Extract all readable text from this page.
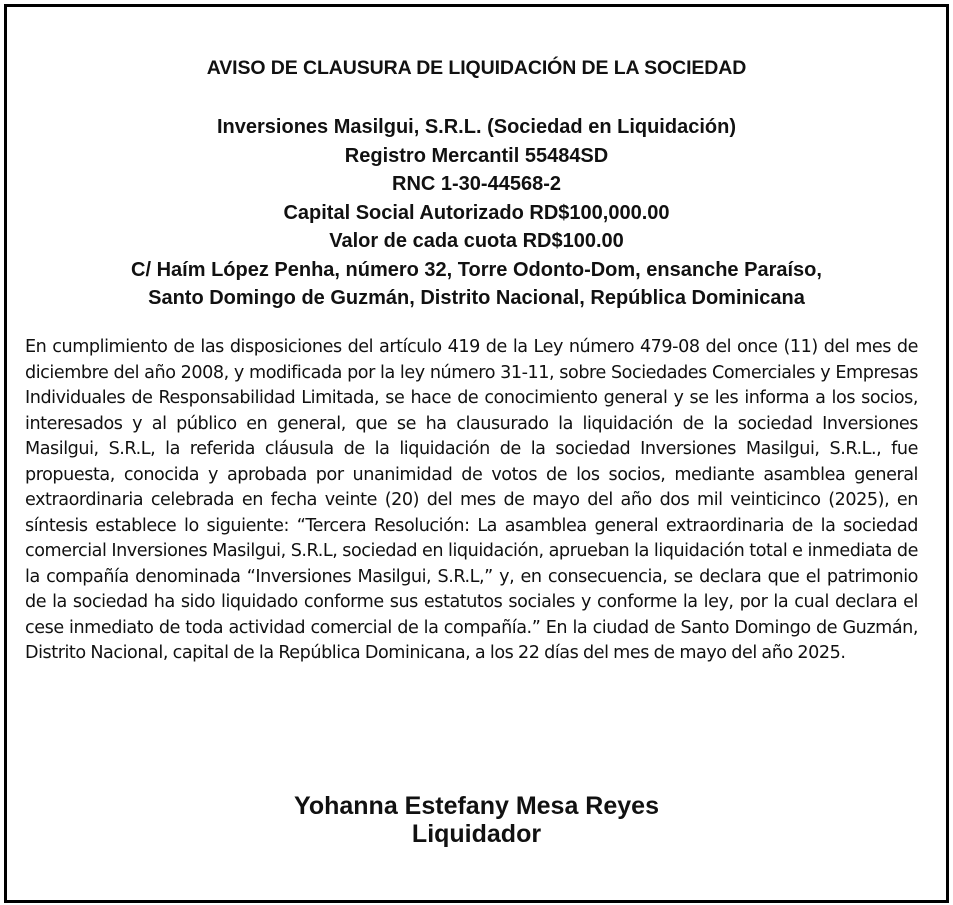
AVISO DE CLAUSURA DE LIQUIDACIÓN DE LA SOCIEDAD
Inversiones Masilgui, S.R.L. (Sociedad en Liquidación)
Registro Mercantil 55484SD
RNC 1-30-44568-2
Capital Social Autorizado RD$100,000.00
Valor de cada cuota RD$100.00
C/ Haím López Penha, número 32, Torre Odonto-Dom, ensanche Paraíso,
Santo Domingo de Guzmán, Distrito Nacional, República Dominicana
En cumplimiento de las disposiciones del artículo 419 de la Ley número 479-08 del once (11) del mes de diciembre del año 2008, y modificada por la ley número 31-11, sobre Sociedades Comerciales y Empresas Individuales de Responsabilidad Limitada, se hace de conocimiento general y se les informa a los socios, interesados y al público en general, que se ha clausurado la liquidación de la sociedad Inversiones Masilgui, S.R.L, la referida cláusula de la liquidación de la sociedad Inversiones Masilgui, S.R.L., fue propuesta, conocida y aprobada por unanimidad de votos de los socios, mediante asamblea general extraordinaria celebrada en fecha veinte (20) del mes de mayo del año dos mil veinticinco (2025), en síntesis establece lo siguiente: “Tercera Resolución: La asamblea general extraordinaria de la sociedad comercial Inversiones Masilgui, S.R.L, sociedad en liquidación, aprueban la liquidación total e inmediata de la compañía denominada “Inversiones Masilgui, S.R.L,” y, en consecuencia, se declara que el patrimonio de la sociedad ha sido liquidado conforme sus estatutos sociales y conforme la ley, por la cual declara el cese inmediato de toda actividad comercial de la compañía.” En la ciudad de Santo Domingo de Guzmán, Distrito Nacional, capital de la República Dominicana, a los 22 días del mes de mayo del año 2025.
Yohanna Estefany Mesa Reyes
Liquidador
